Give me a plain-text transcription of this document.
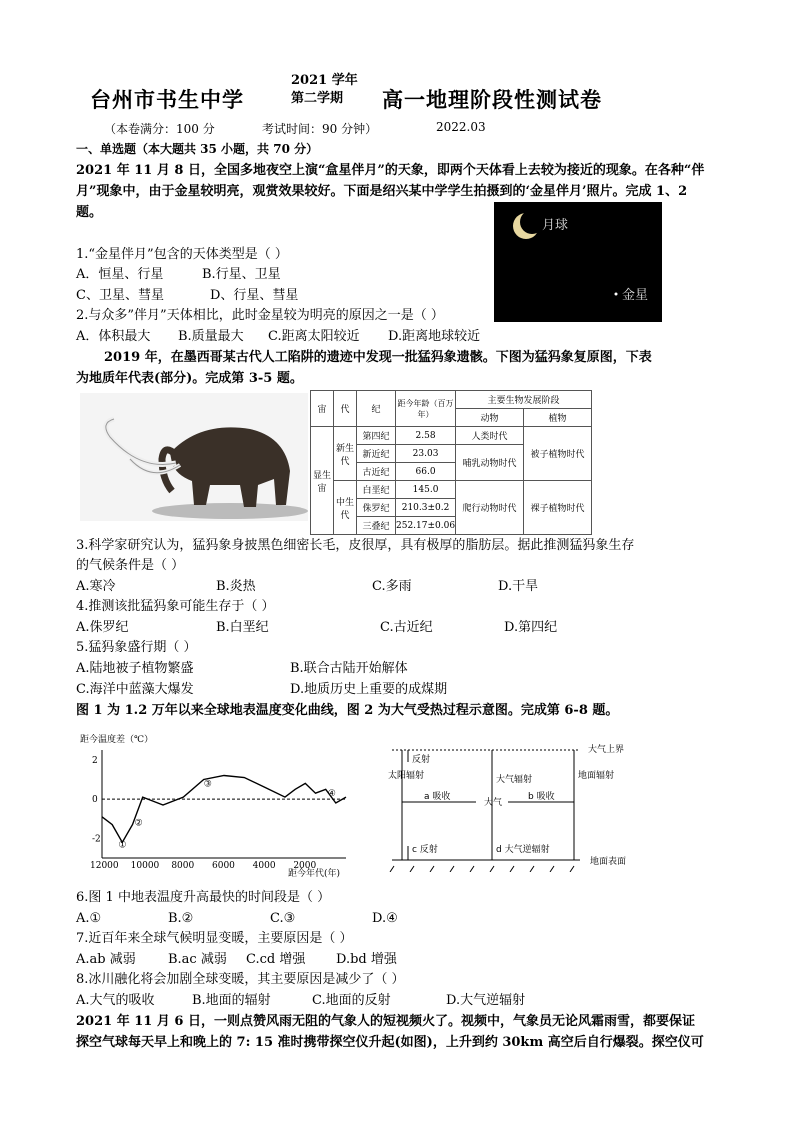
台州市书生中学
2021 学年
第二学期	高一地理阶段性测试卷
（本卷满分：100 分	考试时间：90 分钟）	2022.03
一、单选题（本大题共 35 小题，共 70 分）
2021 年 11 月 8 日，全国多地夜空上演“盒星伴月”的天象，即两个天体看上去较为接近的现象。在各种“伴
月”现象中，由于金星较明亮，观赏效果较好。下面是绍兴某中学学生拍摄到的‘金星伴月’照片。完成 1、2
题。
月球
金星
1.“金星伴月”包含的天体类型是（ ）
A．恒星、行星	B.行星、卫星
C、卫星、彗星	D、行星、彗星
2.与众多”伴月”天体相比，此时金星较为明亮的原因之一是（ ）
A．体积最大 B.质量最大 C.距离太阳较近 D.距离地球较近
2019 年，在墨西哥某古代人工陷阱的遗迹中发现一批猛犸象遗骸。下图为猛犸象复原图，下表
为地质年代表(部分)。完成第 3-5 题。
宙	代	纪	距今年龄（百万年）	主要生物发展阶段	
				动物	植物
显生宙	新生代	第四纪	2.58	人类时代	被子植物时代
		新近纪	23.03	哺乳动物时代	
		古近纪	66.0		
	中生代	白垩纪	145.0	爬行动物时代	裸子植物时代
		侏罗纪	210.3±0.2		
		三叠纪	252.17±0.06		
3.科学家研究认为，猛犸象身披黑色细密长毛，皮很厚，具有极厚的脂肪层。据此推测猛犸象生存
的气候条件是（ ）
A.寒冷	B.炎热	C.多雨	D.干旱
4.推测该批猛犸象可能生存于（ ）
A.侏罗纪	B.白垩纪	C.古近纪	D.第四纪
5.猛犸象盛行期（ ）
A.陆地被子植物繁盛	B.联合古陆开始解体
C.海洋中蓝藻大爆发	D.地质历史上重要的成煤期
图 1 为 1.2 万年以来全球地表温度变化曲线，图 2 为大气受热过程示意图。完成第 6-8 题。
距今温度差（℃）
距今年代(年)
2
0
-2
12000 10000 8000 6000 4000 2000
①
②
③
④
反射
大气上界
地面表面
太阳辐射	地面辐射
大气辐射
a 吸收	b 吸收
大气
c 反射	d 大气逆辐射
6.图 1 中地表温度升高最快的时间段是（ ）
A.①	B.②	C.③	D.④
7.近百年来全球气候明显变暖，主要原因是（ ）
A.ab 减弱 B.ac 减弱 C.cd 增强 D.bd 增强
8.冰川融化将会加剧全球变暖，其主要原因是减少了（ ）
A.大气的吸收	B.地面的辐射	C.地面的反射	D.大气逆辐射
2021 年 11 月 6 日，一则点赞风雨无阻的气象人的短视频火了。视频中，气象员无论风霜雨雪，都要保证
探空气球每天早上和晚上的 7: 15 准时携带探空仪升起(如图)，上升到约 30km 高空后自行爆裂。探空仪可
